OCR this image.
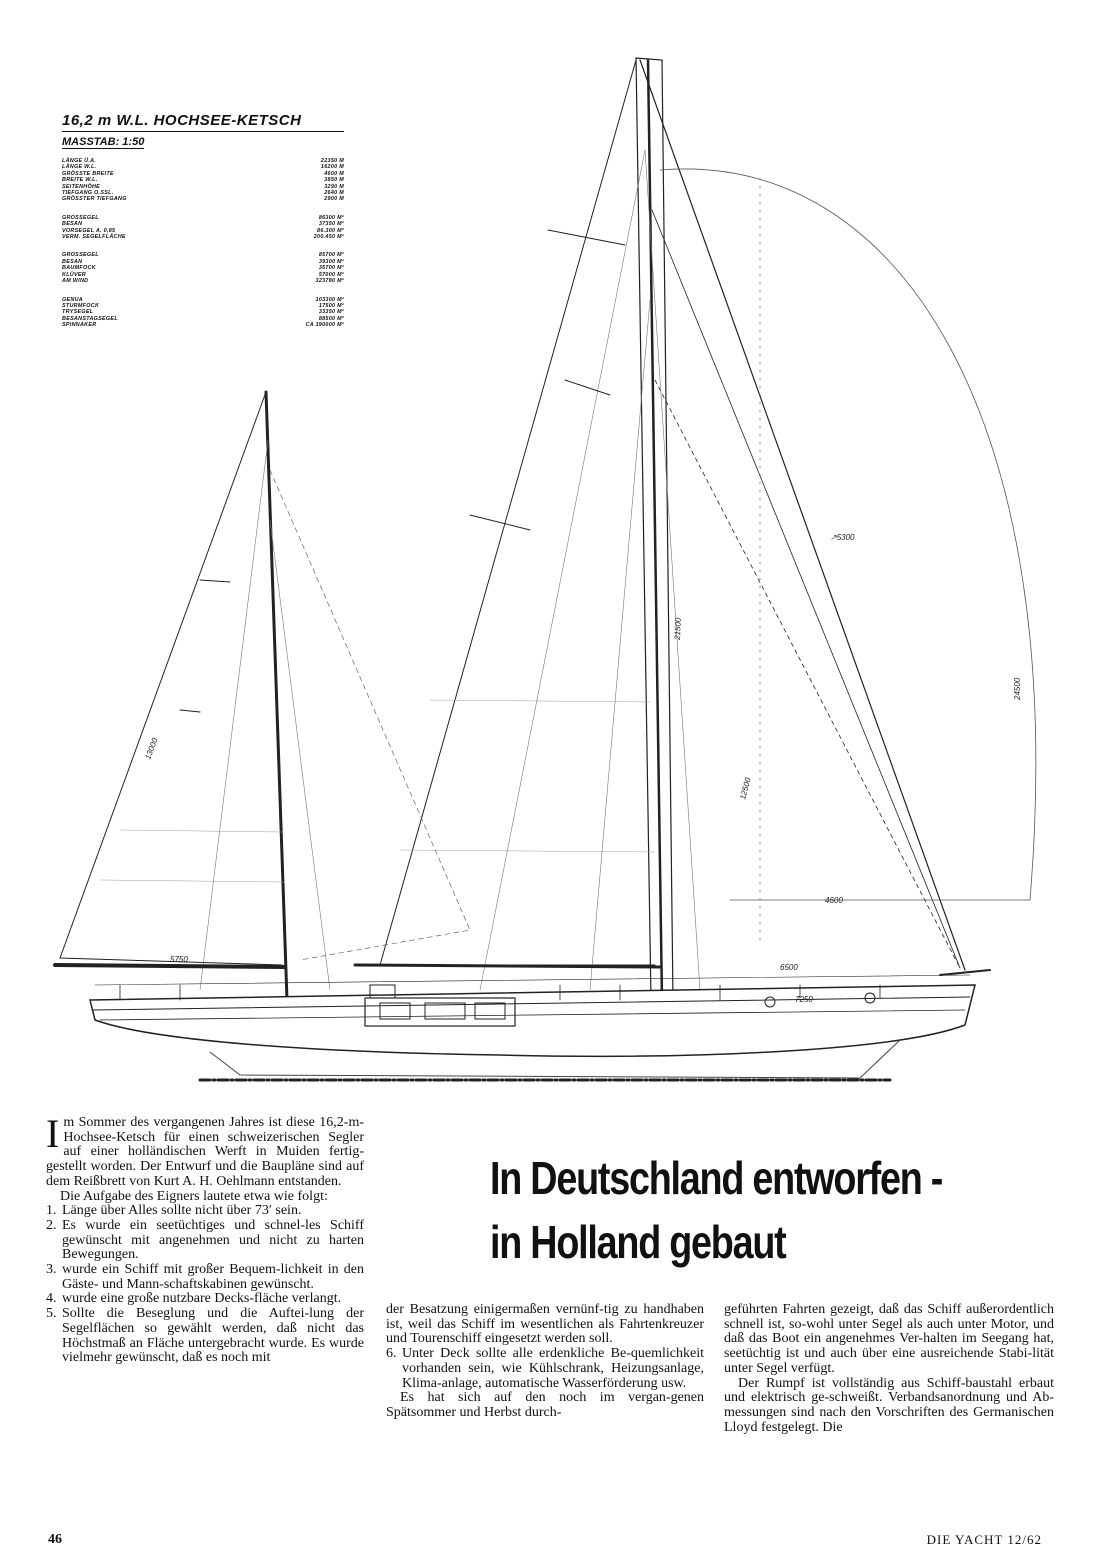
↗5300
13000
21500
6500
5750
7250
4600
24500
12500
16,2 m W.L. HOCHSEE-KETSCH
MASSTAB: 1:50
LÄNGE Ü.A.	22350 M
LÄNGE W.L.	16200 M
GRÖSSTE BREITE	4600 M
BREITE W.L.	3850 M
SEITENHÖHE	3290 M
TIEFGANG O.SSL.	2640 M
GRÖSSTER TIEFGANG	2900 M
GROSSEGEL	86300 M²
BESAN	37350 M²
VORSEGEL A. 0,85	86.300 M²
VERM. SEGELFLÄCHE	200.450 M²
GROSSEGEL	85700 M²
BESAN	39300 M²
BAUMFOCK	35700 M²
KLÜVER	57000 M²
AM WIND	323780 M²
GENUA	103300 M²
STURMFOCK	17500 M²
TRYSEGEL	33350 M²
BESANSTAGSEGEL	88500 M²
SPINNAKER	CA 190000 M²

Im Sommer des vergangenen Jahres ist diese 16,2-m-Hochsee-Ketsch für einen schweizerischen Segler auf einer holländischen Werft in Muiden fertig-gestellt worden. Der Entwurf und die Baupläne sind auf dem Reißbrett von Kurt A. H. Oehlmann entstanden.

Die Aufgabe des Eigners lautete etwa wie folgt:

1. Länge über Alles sollte nicht über 73′ sein.
2. Es wurde ein seetüchtiges und schnel-les Schiff gewünscht mit angenehmen und nicht zu harten Bewegungen.
3. wurde ein Schiff mit großer Bequem-lichkeit in den Gäste- und Mann-schaftskabinen gewünscht.
4. wurde eine große nutzbare Decks-fläche verlangt.
5. Sollte die Beseglung und die Auftei-lung der Segelflächen so gewählt werden, daß nicht das Höchstmaß an Fläche untergebracht wurde. Es wurde vielmehr gewünscht, daß es noch mit
In Deutschland entworfen -
in Holland gebaut

der Besatzung einigermaßen vernünf-tig zu handhaben ist, weil das Schiff im wesentlichen als Fahrtenkreuzer und Tourenschiff eingesetzt werden soll.

6. Unter Deck sollte alle erdenkliche Be-quemlichkeit vorhanden sein, wie Kühlschrank, Heizungsanlage, Klima-anlage, automatische Wasserförderung usw.

Es hat sich auf den noch im vergan-genen Spätsommer und Herbst durch-

geführten Fahrten gezeigt, daß das Schiff außerordentlich schnell ist, so-wohl unter Segel als auch unter Motor, und daß das Boot ein angenehmes Ver-halten im Seegang hat, seetüchtig ist und auch über eine ausreichende Stabi-lität unter Segel verfügt.

Der Rumpf ist vollständig aus Schiff-baustahl erbaut und elektrisch ge-schweißt. Verbandsanordnung und Ab-messungen sind nach den Vorschriften des Germanischen Lloyd festgelegt. Die

46	DIE YACHT 12/62
